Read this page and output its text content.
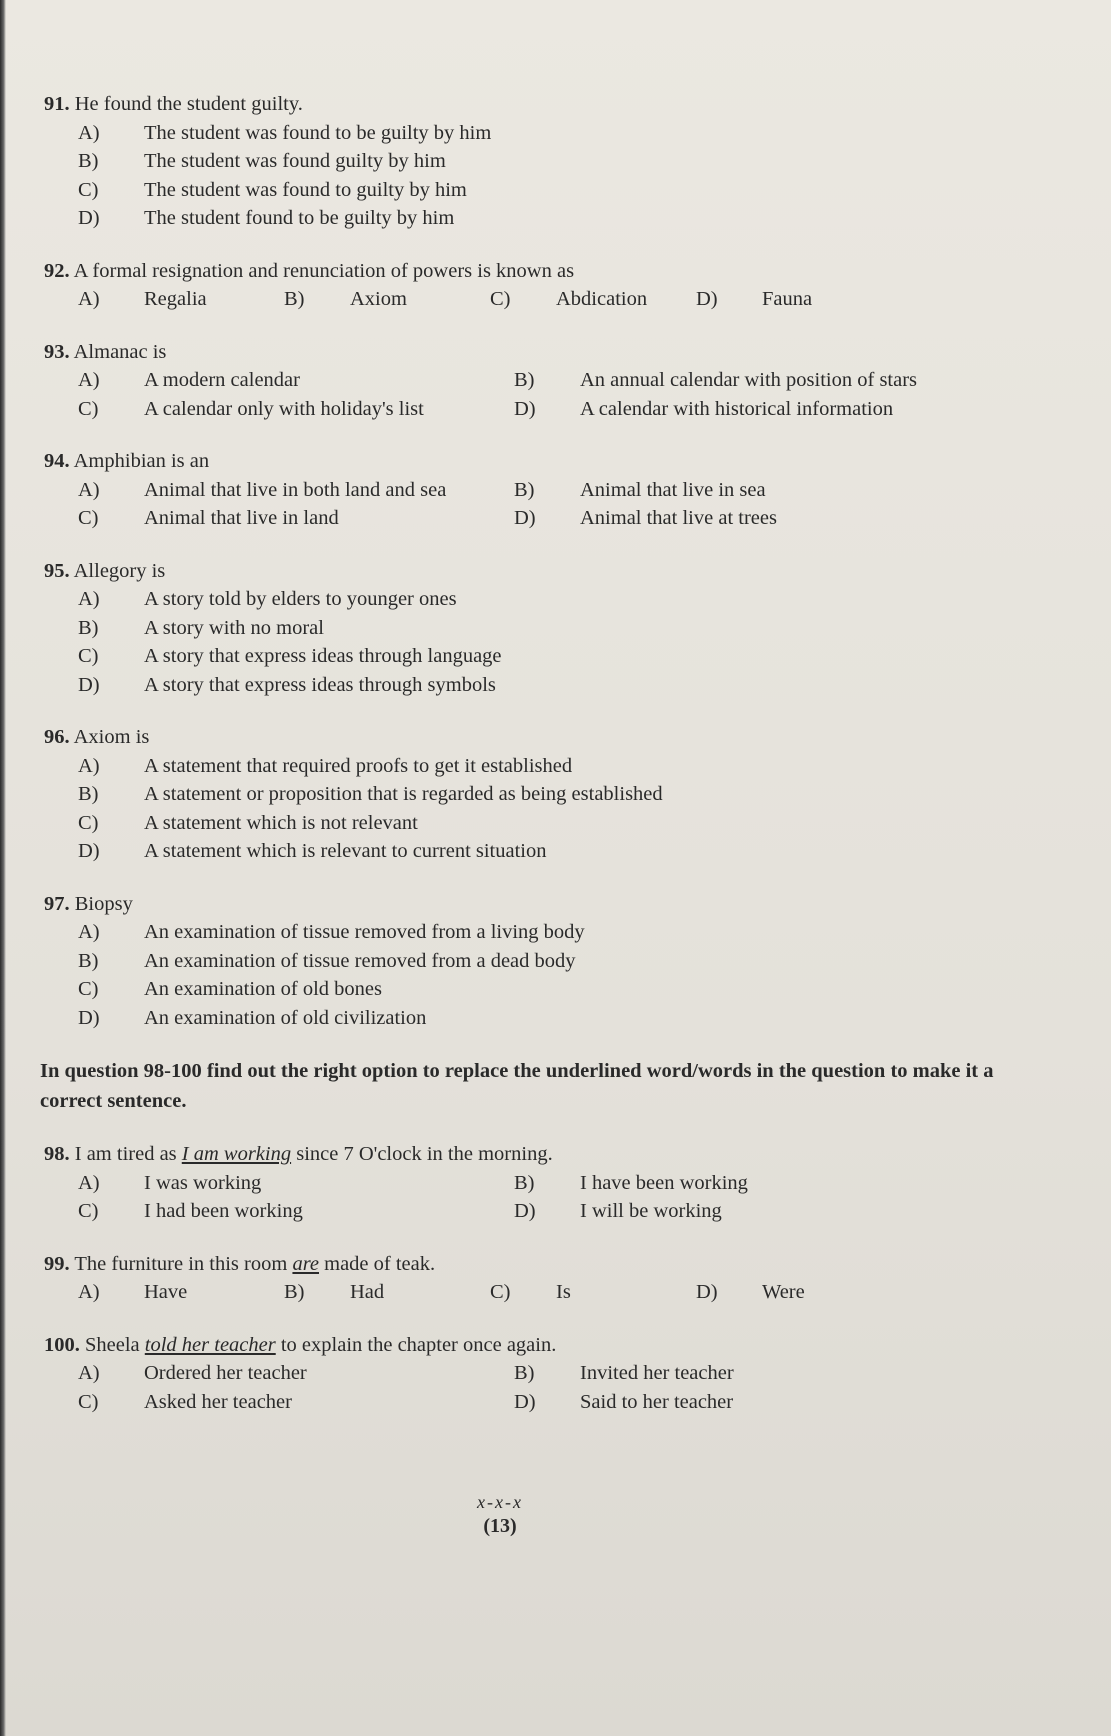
91. He found the student guilty.
A)	The student was found to be guilty by him
B)	The student was found guilty by him
C)	The student was found to guilty by him
D)	The student found to be guilty by him
92. A formal resignation and renunciation of powers is known as
A)	Regalia	B)	Axiom	C)	Abdication	D)	Fauna
93. Almanac is
A)	A modern calendar	B)	An annual calendar with position of stars
C)	A calendar only with holiday's list	D)	A calendar with historical information
94. Amphibian is an
A)	Animal that live in both land and sea	B)	Animal that live in sea
C)	Animal that live in land	D)	Animal that live at trees
95. Allegory is
A)	A story told by elders to younger ones
B)	A story with no moral
C)	A story that express ideas through language
D)	A story that express ideas through symbols
96. Axiom is
A)	A statement that required proofs to get it established
B)	A statement or proposition that is regarded as being established
C)	A statement which is not relevant
D)	A statement which is relevant to current situation
97. Biopsy
A)	An examination of tissue removed from a living body
B)	An examination of tissue removed from a dead body
C)	An examination of old bones
D)	An examination of old civilization
In question 98-100 find out the right option to replace the underlined word/words in the question to make it a correct sentence.
98. I am tired as I am working since 7 O'clock in the morning.
A)	I was working	B)	I have been working
C)	I had been working	D)	I will be working
99. The furniture in this room are made of teak.
A)	Have	B)	Had	C)	Is	D)	Were
100. Sheela told her teacher to explain the chapter once again.
A)	Ordered her teacher	B)	Invited her teacher
C)	Asked her teacher	D)	Said to her teacher
x-x-x
(13)
